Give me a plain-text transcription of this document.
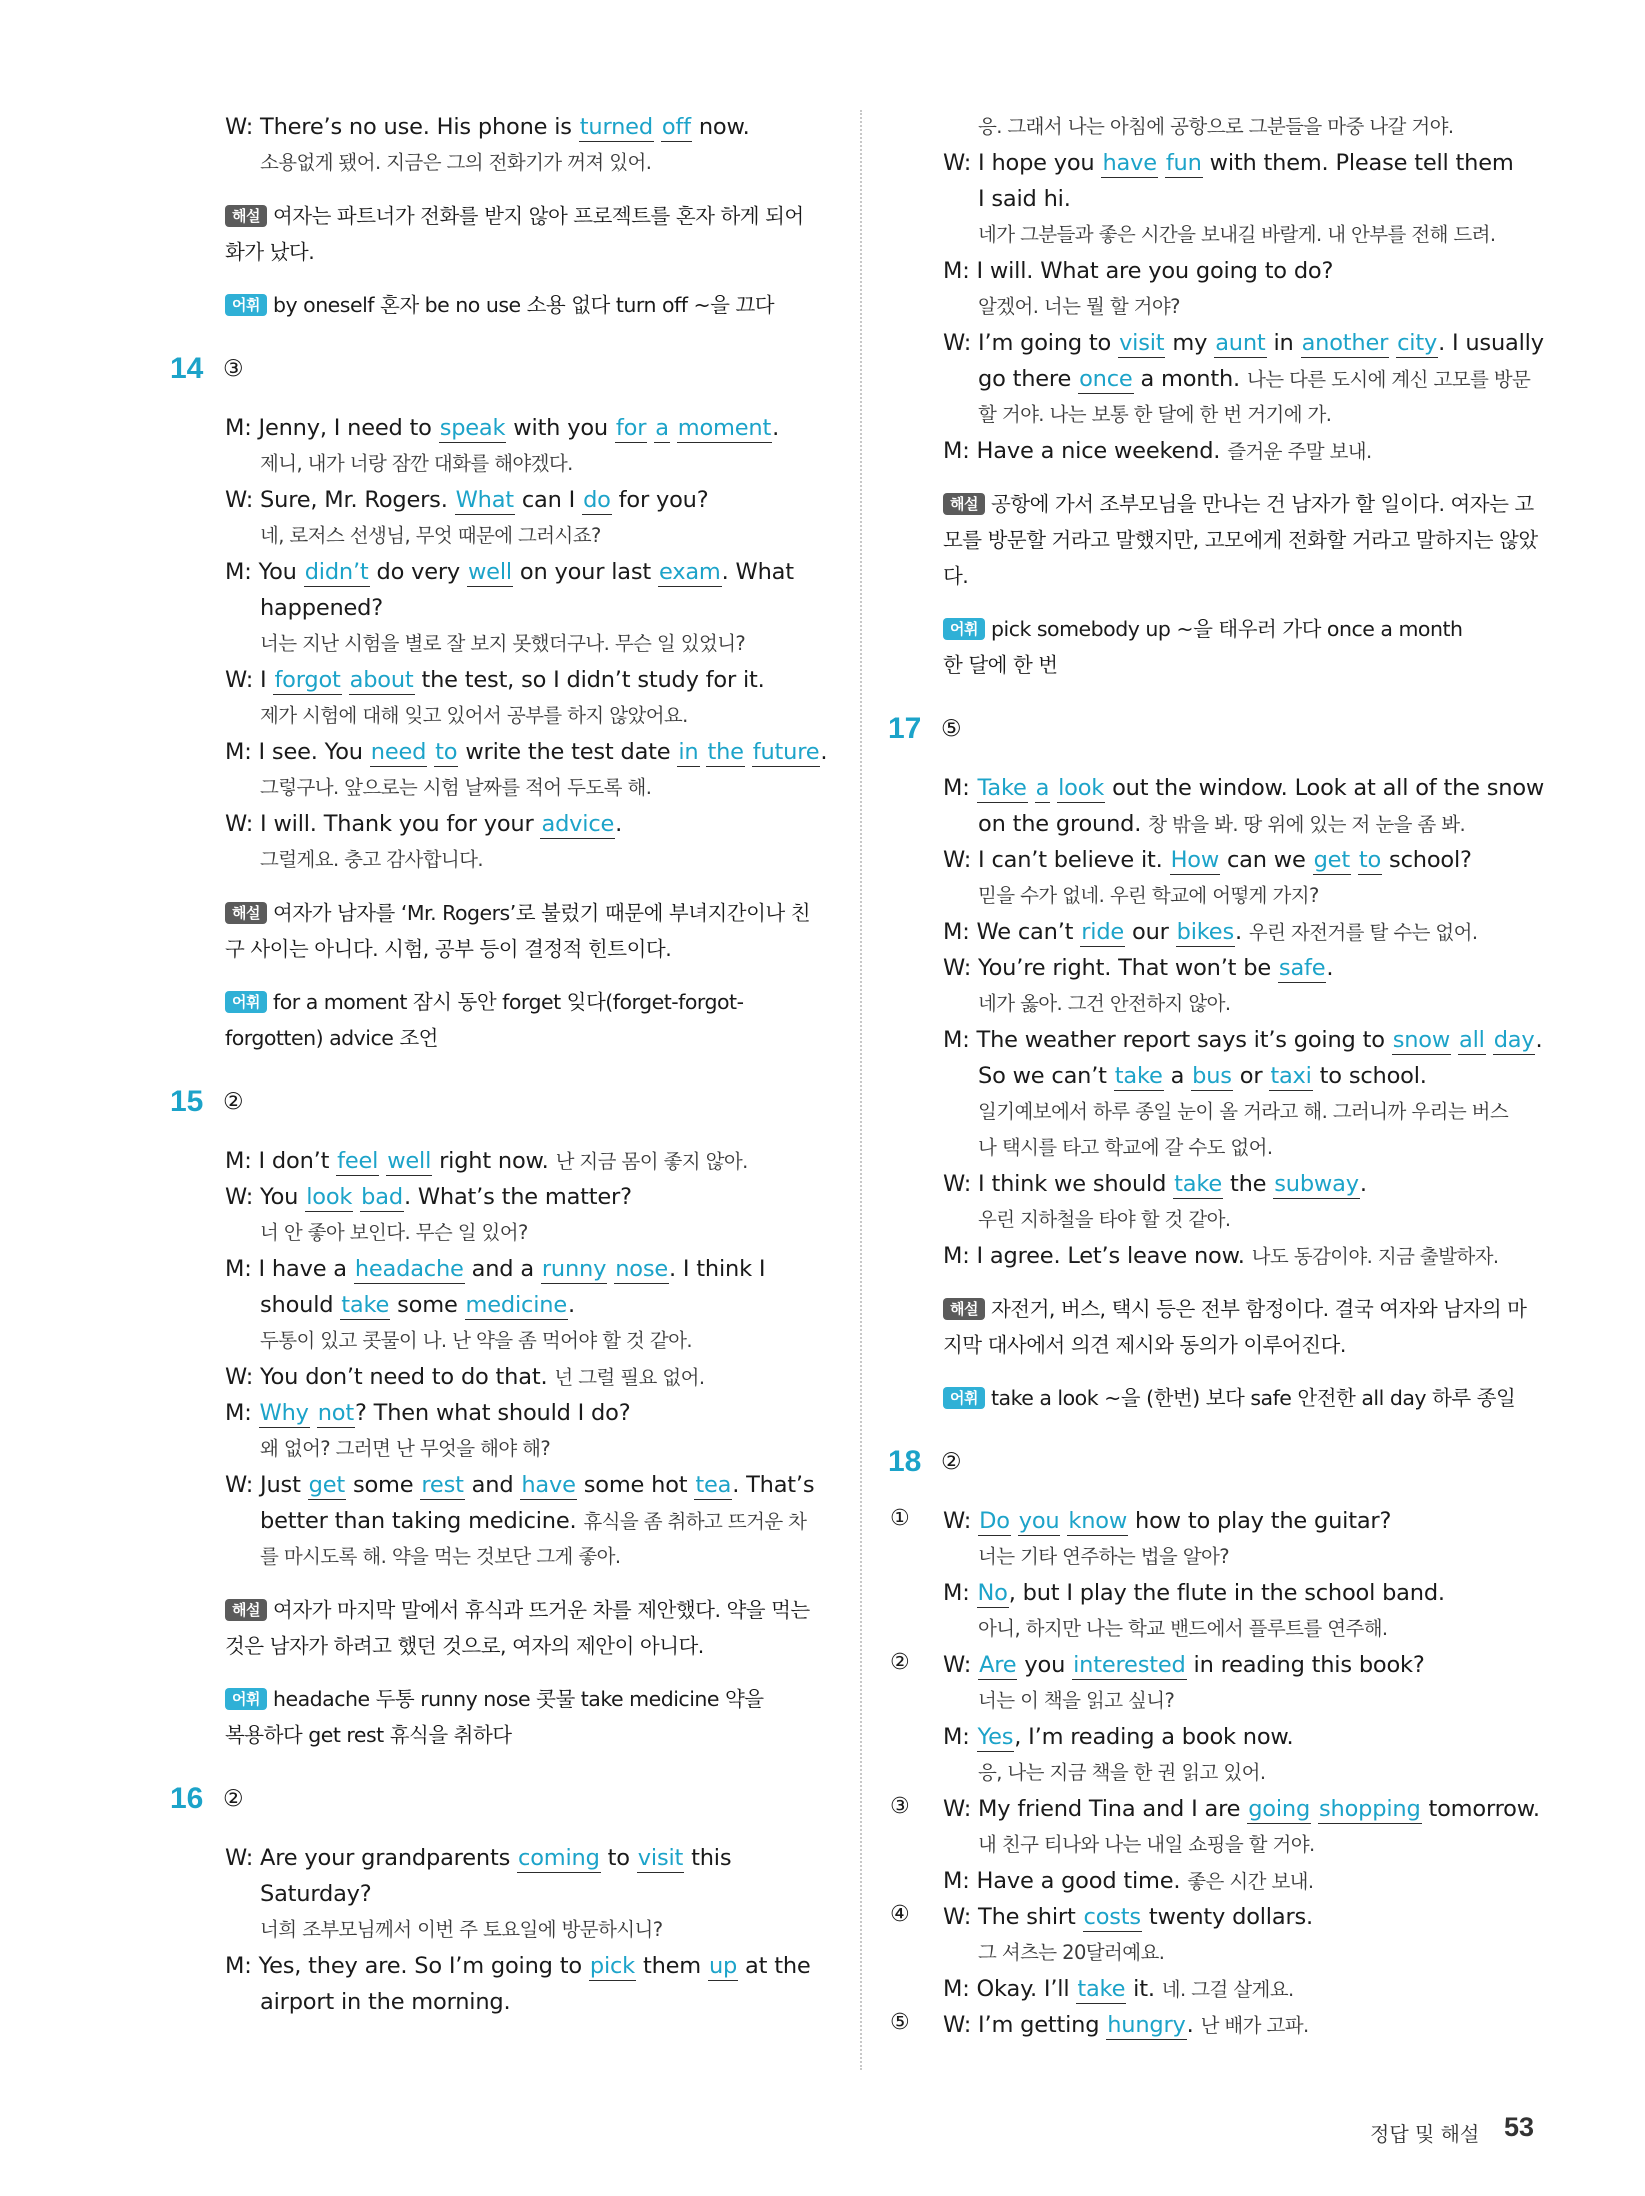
W: There’s no use. His phone is turned off now.
소용없게 됐어. 지금은 그의 전화기가 꺼져 있어.
해설 여자는 파트너가 전화를 받지 않아 프로젝트를 혼자 하게 되어
화가 났다.
어휘 by oneself 혼자 be no use 소용 없다 turn off ~을 끄다
M: Jenny, I need to speak with you for a moment.
제니, 내가 너랑 잠깐 대화를 해야겠다.
W: Sure, Mr. Rogers. What can I do for you?
네, 로저스 선생님, 무엇 때문에 그러시죠?
M: You didn’t do very well on your last exam. What
happened?
너는 지난 시험을 별로 잘 보지 못했더구나. 무슨 일 있었니?
W: I forgot about the test, so I didn’t study for it.
제가 시험에 대해 잊고 있어서 공부를 하지 않았어요.
M: I see. You need to write the test date in the future.
그렇구나. 앞으로는 시험 날짜를 적어 두도록 해.
W: I will. Thank you for your advice.
그럴게요. 충고 감사합니다.
해설 여자가 남자를 ‘Mr. Rogers’로 불렀기 때문에 부녀지간이나 친
구 사이는 아니다. 시험, 공부 등이 결정적 힌트이다.
어휘 for a moment 잠시 동안 forget 잊다(forget-forgot-
forgotten) advice 조언
M: I don’t feel well right now. 난 지금 몸이 좋지 않아.
W: You look bad. What’s the matter?
너 안 좋아 보인다. 무슨 일 있어?
M: I have a headache and a runny nose. I think I
should take some medicine.
두통이 있고 콧물이 나. 난 약을 좀 먹어야 할 것 같아.
W: You don’t need to do that. 넌 그럴 필요 없어.
M: Why not? Then what should I do?
왜 없어? 그러면 난 무엇을 해야 해?
W: Just get some rest and have some hot tea. That’s
better than taking medicine. 휴식을 좀 취하고 뜨거운 차
를 마시도록 해. 약을 먹는 것보단 그게 좋아.
해설 여자가 마지막 말에서 휴식과 뜨거운 차를 제안했다. 약을 먹는
것은 남자가 하려고 했던 것으로, 여자의 제안이 아니다.
어휘 headache 두통 runny nose 콧물 take medicine 약을
복용하다 get rest 휴식을 취하다
W: Are your grandparents coming to visit this
Saturday?
너희 조부모님께서 이번 주 토요일에 방문하시니?
M: Yes, they are. So I’m going to pick them up at the
airport in the morning.
응. 그래서 나는 아침에 공항으로 그분들을 마중 나갈 거야.
W: I hope you have fun with them. Please tell them
I said hi.
네가 그분들과 좋은 시간을 보내길 바랄게. 내 안부를 전해 드려.
M: I will. What are you going to do?
알겠어. 너는 뭘 할 거야?
W: I’m going to visit my aunt in another city. I usually
go there once a month. 나는 다른 도시에 계신 고모를 방문
할 거야. 나는 보통 한 달에 한 번 거기에 가.
M: Have a nice weekend. 즐거운 주말 보내.
해설 공항에 가서 조부모님을 만나는 건 남자가 할 일이다. 여자는 고
모를 방문할 거라고 말했지만, 고모에게 전화할 거라고 말하지는 않았
다.
어휘 pick somebody up ~을 태우러 가다 once a month
한 달에 한 번
M: Take a look out the window. Look at all of the snow
on the ground. 창 밖을 봐. 땅 위에 있는 저 눈을 좀 봐.
W: I can’t believe it. How can we get to school?
믿을 수가 없네. 우린 학교에 어떻게 가지?
M: We can’t ride our bikes. 우린 자전거를 탈 수는 없어.
W: You’re right. That won’t be safe.
네가 옳아. 그건 안전하지 않아.
M: The weather report says it’s going to snow all day.
So we can’t take a bus or taxi to school.
일기예보에서 하루 종일 눈이 올 거라고 해. 그러니까 우리는 버스
나 택시를 타고 학교에 갈 수도 없어.
W: I think we should take the subway.
우린 지하철을 타야 할 것 같아.
M: I agree. Let’s leave now. 나도 동감이야. 지금 출발하자.
해설 자전거, 버스, 택시 등은 전부 함정이다. 결국 여자와 남자의 마
지막 대사에서 의견 제시와 동의가 이루어진다.
어휘 take a look ~을 (한번) 보다 safe 안전한 all day 하루 종일
W: Do you know how to play the guitar?
너는 기타 연주하는 법을 알아?
M: No, but I play the flute in the school band.
아니, 하지만 나는 학교 밴드에서 플루트를 연주해.
W: Are you interested in reading this book?
너는 이 책을 읽고 싶니?
M: Yes, I’m reading a book now.
응, 나는 지금 책을 한 권 읽고 있어.
W: My friend Tina and I are going shopping tomorrow.
내 친구 티나와 나는 내일 쇼핑을 할 거야.
M: Have a good time. 좋은 시간 보내.
W: The shirt costs twenty dollars.
그 셔츠는 20달러예요.
M: Okay. I’ll take it. 네. 그걸 살게요.
W: I’m getting hungry. 난 배가 고파.
14 ③
15 ②
16 ②
17 ⑤
18 ②
①
②
③
④
⑤
정답 및 해설 53
